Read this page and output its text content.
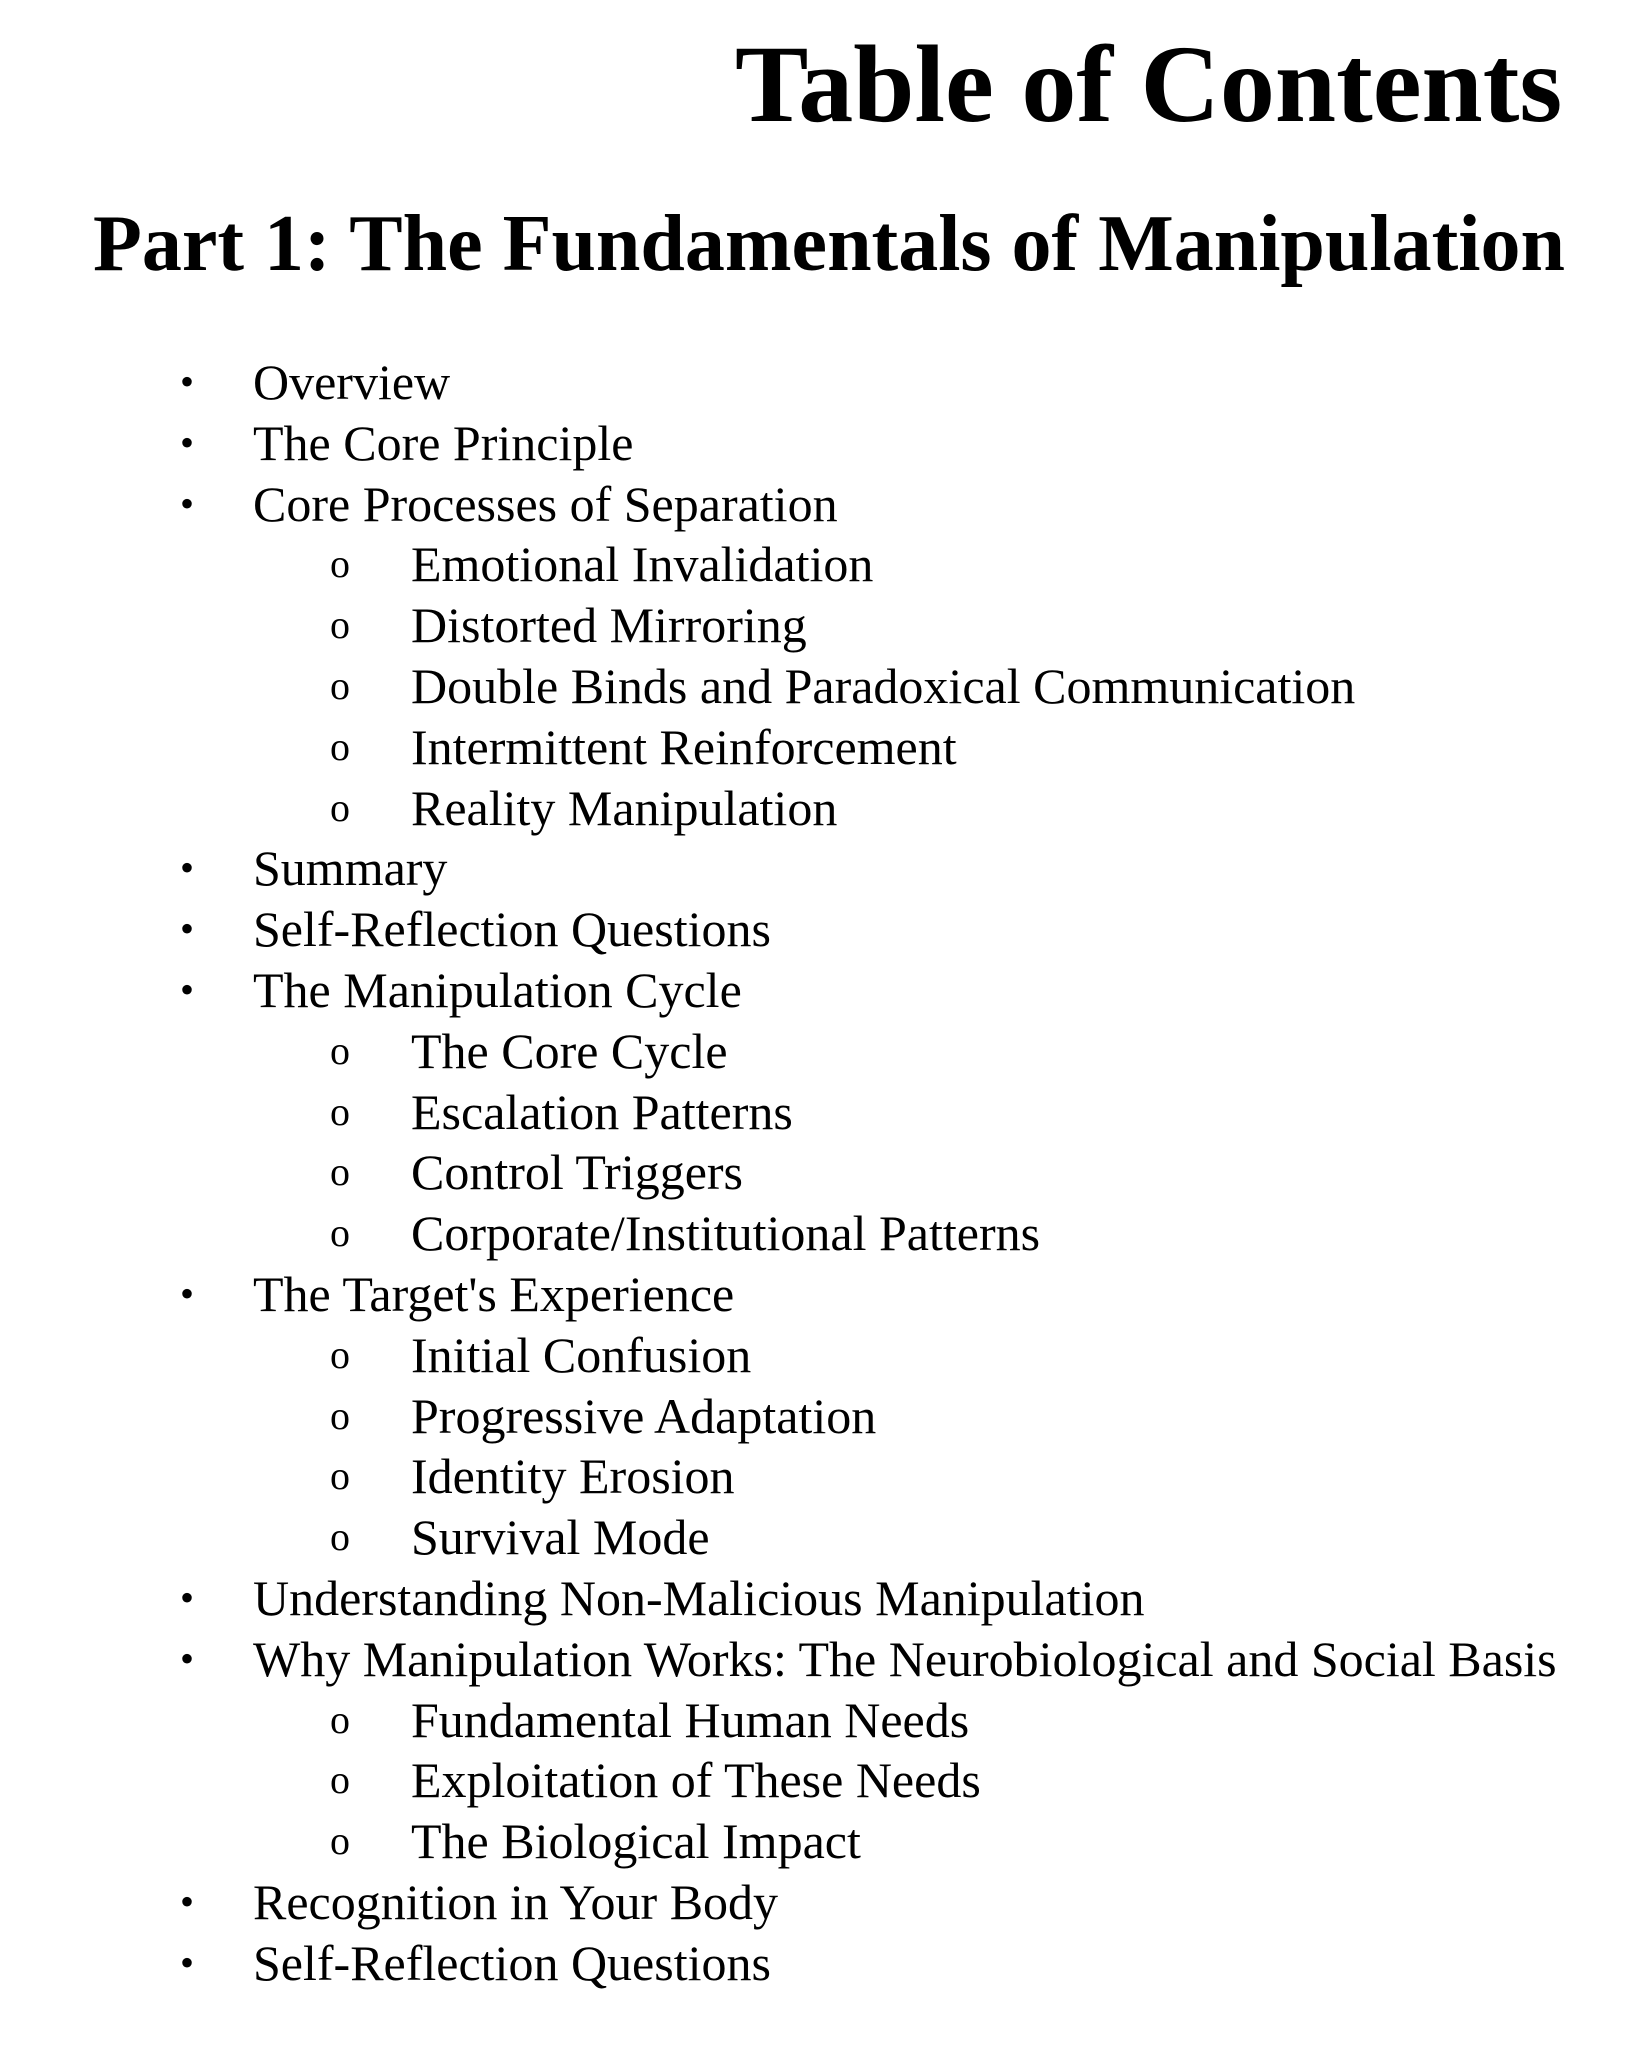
Table of Contents
Part 1: The Fundamentals of Manipulation
• Overview
• The Core Principle
• Core Processes of Separation
o Emotional Invalidation
o Distorted Mirroring
o Double Binds and Paradoxical Communication
o Intermittent Reinforcement
o Reality Manipulation
• Summary
• Self-Reflection Questions
• The Manipulation Cycle
o The Core Cycle
o Escalation Patterns
o Control Triggers
o Corporate/Institutional Patterns
• The Target's Experience
o Initial Confusion
o Progressive Adaptation
o Identity Erosion
o Survival Mode
• Understanding Non-Malicious Manipulation
• Why Manipulation Works: The Neurobiological and Social Basis
o Fundamental Human Needs
o Exploitation of These Needs
o The Biological Impact
• Recognition in Your Body
• Self-Reflection Questions
